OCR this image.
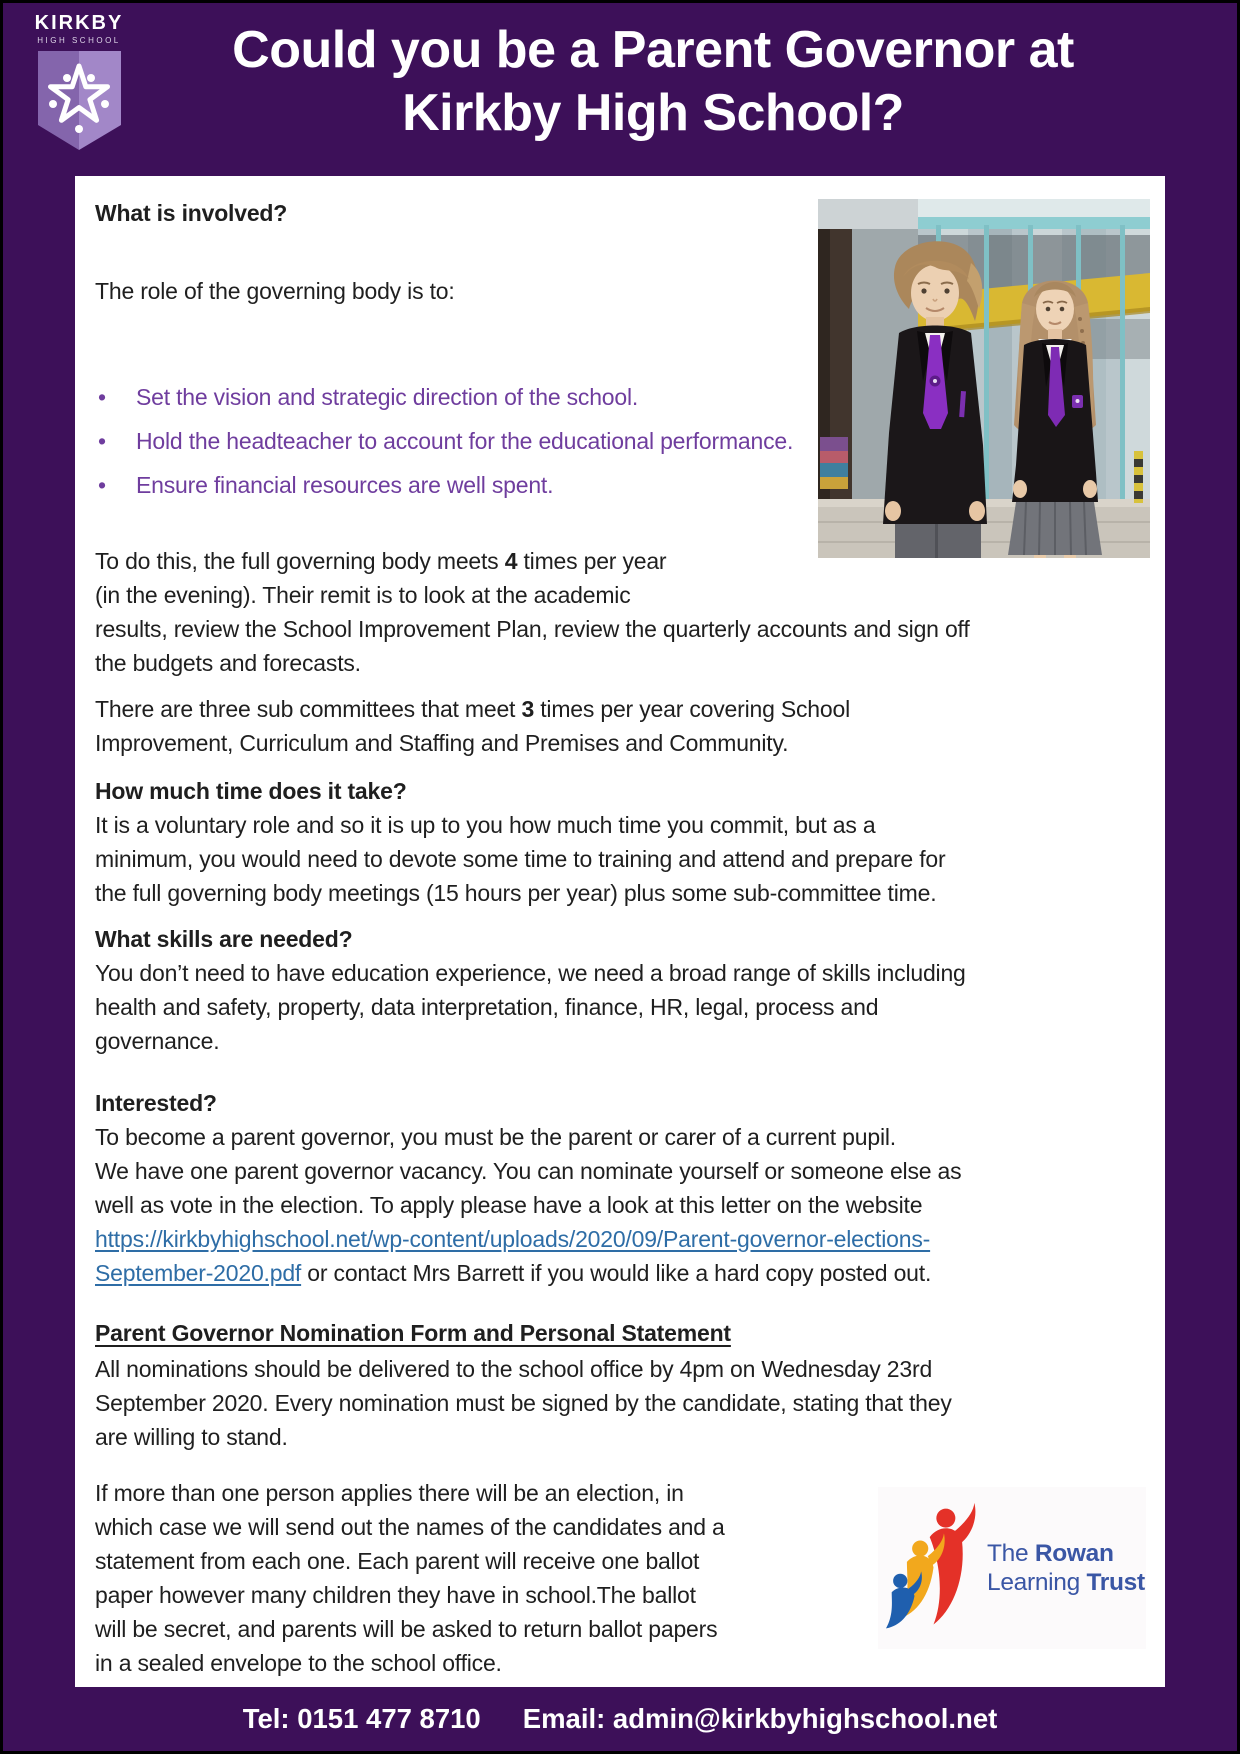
KIRKBY
HIGH SCHOOL	Could you be a Parent Governor at
Kirkby High School?
What is involved?
The role of the governing body is to:
• Set the vision and strategic direction of the school.
• Hold the headteacher to account for the educational performance.
• Ensure financial resources are well spent.
To do this, the full governing body meets 4 times per year
(in the evening). Their remit is to look at the academic
results, review the School Improvement Plan, review the quarterly accounts and sign off
the budgets and forecasts.
There are three sub committees that meet 3 times per year covering School
Improvement, Curriculum and Staffing and Premises and Community.
How much time does it take?
It is a voluntary role and so it is up to you how much time you commit, but as a
minimum, you would need to devote some time to training and attend and prepare for
the full governing body meetings (15 hours per year) plus some sub-committee time.
What skills are needed?
You don’t need to have education experience, we need a broad range of skills including
health and safety, property, data interpretation, finance, HR, legal, process and
governance.
Interested?
To become a parent governor, you must be the parent or carer of a current pupil.
We have one parent governor vacancy. You can nominate yourself or someone else as
well as vote in the election. To apply please have a look at this letter on the website
https://kirkbyhighschool.net/wp-content/uploads/2020/09/Parent-governor-elections-
September-2020.pdf or contact Mrs Barrett if you would like a hard copy posted out.
Parent Governor Nomination Form and Personal Statement
All nominations should be delivered to the school office by 4pm on Wednesday 23rd
September 2020. Every nomination must be signed by the candidate, stating that they
are willing to stand.
If more than one person applies there will be an election, in
which case we will send out the names of the candidates and a
statement from each one. Each parent will receive one ballot
paper however many children they have in school.The ballot
will be secret, and parents will be asked to return ballot papers
in a sealed envelope to the school office.
The Rowan
Learning Trust
Tel: 0151 477 8710 Email: admin@kirkbyhighschool.net
